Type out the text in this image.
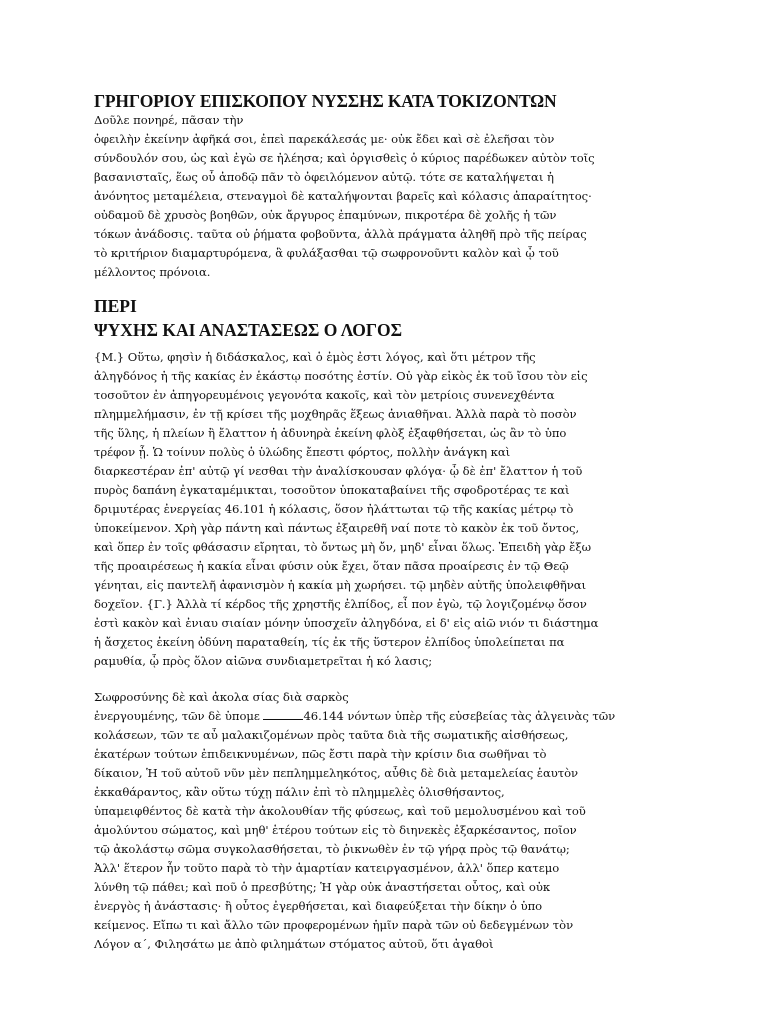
ΓΡΗΓΟΡΙΟΥ ΕΠΙΣΚΟΠΟΥ ΝΥΣΣΗΣ ΚΑΤΑ ΤΟΚΙΖΟΝΤΩΝ
Δοῦλε πονηρέ, πᾶσαν τὴν
ὀφειλὴν ἐκείνην ἀφῆκά σοι, ἐπεὶ παρεκάλεσάς με· οὐκ ἔδει καὶ σὲ ἐλεῆσαι τὸν
σύνδουλόν σου, ὡς καὶ ἐγὼ σε ἠλέησα; καὶ ὀργισθεὶς ὁ κύριος παρέδωκεν αὐτὸν τοῖς
βασανισταῖς, ἕως οὗ ἀποδῷ πᾶν τὸ ὀφειλόμενον αὐτῷ. τότε σε καταλήψεται ἡ
ἀνόνητος μεταμέλεια, στεναγμοὶ δὲ καταλήψονται βαρεῖς καὶ κόλασις ἀπαραίτητος·
οὐδαμοῦ δὲ χρυσὸς βοηθῶν, οὐκ ἄργυρος ἐπαμύνων, πικροτέρα δὲ χολῆς ἡ τῶν
τόκων ἀνάδοσις. ταῦτα οὐ ῥήματα φοβοῦντα, ἀλλὰ πράγματα ἀληθῆ πρὸ τῆς πείρας
τὸ κριτήριον διαμαρτυρόμενα, ἃ φυλάξασθαι τῷ σωφρονοῦντι καλὸν καὶ ᾧ τοῦ
μέλλοντος πρόνοια.
ΠΕΡΙ
ΨΥΧΗΣ ΚΑΙ ΑΝΑΣΤΑΣΕΩΣ Ο ΛΟΓΟΣ
{Μ.} Οὕτω, φησὶν ἡ διδάσκαλος, καὶ ὁ ἐμὸς ἐστι λόγος, καὶ ὅτι μέτρον τῆς
ἀληγδόνος ἡ τῆς κακίας ἐν ἑκάστῳ ποσότης ἐστίν. Οὐ γὰρ εἰκὸς ἐκ τοῦ ἴσου τὸν εἰς
τοσοῦτον ἐν ἀπηγορευμένοις γεγονότα κακοῖς, καὶ τὸν μετρίοις συνενεχθέντα
πλημμελήμασιν, ἐν τῇ κρίσει τῆς μοχθηρᾶς ἕξεως ἀνιαθῆναι. Ἀλλὰ παρὰ τὸ ποσὸν
τῆς ὕλης, ἡ πλείων ἢ ἔλαττον ἡ ἀδυνηρὰ ἐκείνη φλὸξ ἐξαφθήσεται, ὡς ἂν τὸ ὑπο
τρέφον ᾖ. Ὡ τοίνυν πολὺς ὁ ὑλώδης ἔπεστι φόρτος, πολλὴν ἀνάγκη καὶ
διαρκεστέραν ἐπ' αὐτῷ γί νεσθαι τὴν ἀναλίσκουσαν φλόγα· ᾧ δὲ ἐπ' ἔλαττον ἡ τοῦ
πυρὸς δαπάνη ἐγκαταμέμικται, τοσοῦτον ὑποκαταβαίνει τῆς σφοδροτέρας τε καὶ
δριμυτέρας ἐνεργείας 46.101 ἡ κόλασις, ὅσον ἠλάττωται τῷ τῆς κακίας μέτρῳ τὸ
ὑποκείμενον. Χρὴ γὰρ πάντη καὶ πάντως ἐξαιρεθῆ ναί ποτε τὸ κακὸν ἐκ τοῦ ὄντος,
καὶ ὅπερ ἐν τοῖς φθάσασιν εἴρηται, τὸ ὄντως μὴ ὄν, μηδ' εἶναι ὅλως. Ἐπειδὴ γὰρ ἔξω
τῆς προαιρέσεως ἡ κακία εἶναι φύσιν οὐκ ἔχει, ὅταν πᾶσα προαίρεσις ἐν τῷ Θεῷ
γένηται, εἰς παντελῆ ἀφανισμὸν ἡ κακία μὴ χωρήσει. τῷ μηδὲν αὐτῆς ὑπολειφθῆναι
δοχεῖον. {Γ.} Ἀλλὰ τί κέρδος τῆς χρηστῆς ἐλπίδος, εἶ πον ἐγὼ, τῷ λογιζομένῳ ὅσον
ἐστὶ κακὸν καὶ ἐνιαυ σιαίαν μόνην ὑποσχεῖν ἀληγδόνα, εἰ δ' εἰς αἰῶ νιόν τι διάστημα
ἡ ἄσχετος ἐκείνη ὀδύνη παραταθείη, τίς ἐκ τῆς ὕστερον ἐλπίδος ὑπολείπεται πα
ραμυθία, ᾧ πρὸς ὅλον αἰῶνα συνδιαμετρεῖται ἡ κό λασις;
Σωφροσύνης δὲ καὶ ἀκολα σίας διὰ σαρκὸς
ἐνεργουμένης, τῶν δὲ ὑπομε	46.144 νόντων ὑπὲρ τῆς εὐσεβείας τὰς ἀλγεινὰς τῶν
κολάσεων, τῶν τε αὖ μαλακιζομένων πρὸς ταῦτα διὰ τῆς σωματικῆς αἰσθήσεως,
ἑκατέρων τούτων ἐπιδεικνυμένων, πῶς ἔστι παρὰ τὴν κρίσιν δια σωθῆναι τὸ
δίκαιον, Ἡ τοῦ αὐτοῦ νῦν μὲν πεπλημμεληκότος, αὖθις δὲ διὰ μεταμελείας ἑαυτὸν
ἐκκαθάραντος, κἂν οὕτω τύχῃ πάλιν ἐπὶ τὸ πλημμελὲς ὀλισθήσαντος,
ὑπαμειφθέντος δὲ κατὰ τὴν ἀκολουθίαν τῆς φύσεως, καὶ τοῦ μεμολυσμένου καὶ τοῦ
ἀμολύντου σώματος, καὶ μηθ' ἑτέρου τούτων εἰς τὸ διηνεκὲς ἐξαρκέσαντος, ποῖον
τῷ ἀκολάστῳ σῶμα συγκολασθήσεται, τὸ ῥικνωθὲν ἐν τῷ γήρᾳ πρὸς τῷ θανάτῳ;
Ἀλλ' ἕτερον ἦν τοῦτο παρὰ τὸ τὴν ἁμαρτίαν κατειργασμένον, ἀλλ' ὅπερ κατεμο
λύνθη τῷ πάθει; καὶ ποῦ ὁ πρεσβύτης; Ἡ γὰρ οὐκ ἀναστήσεται οὗτος, καὶ οὐκ
ἐνεργὸς ἡ ἀνάστασις· ἢ οὗτος ἐγερθήσεται, καὶ διαφεύξεται τὴν δίκην ὁ ὑπο
κείμενος. Εἴπω τι καὶ ἄλλο τῶν προφερομένων ἡμῖν παρὰ τῶν οὐ δεδεγμένων τὸν
Λόγον α΄, Φιλησάτω με ἀπὸ φιλημάτων στόματος αὐτοῦ, ὅτι ἀγαθοὶ
